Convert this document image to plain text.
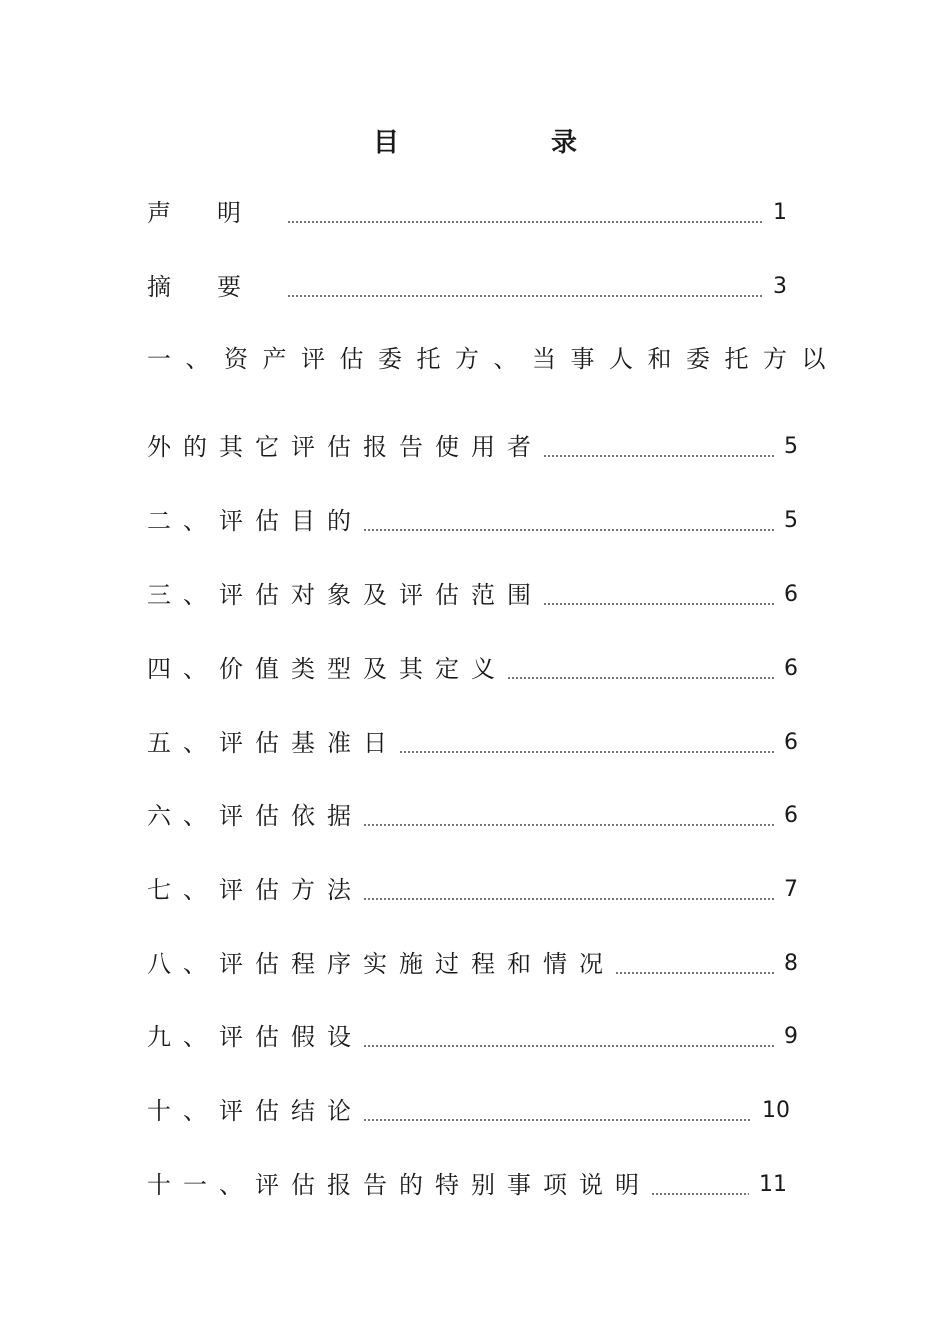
目	录
声明	1
摘要	3
一、资产评估委托方、当事人和委托方以
外的其它评估报告使用者	5
二、评估目的	5
三、评估对象及评估范围	6
四、价值类型及其定义	6
五、评估基准日	6
六、评估依据	6
七、评估方法	7
八、评估程序实施过程和情况	8
九、评估假设	9
十、评估结论	10
十一、评估报告的特别事项说明	11
